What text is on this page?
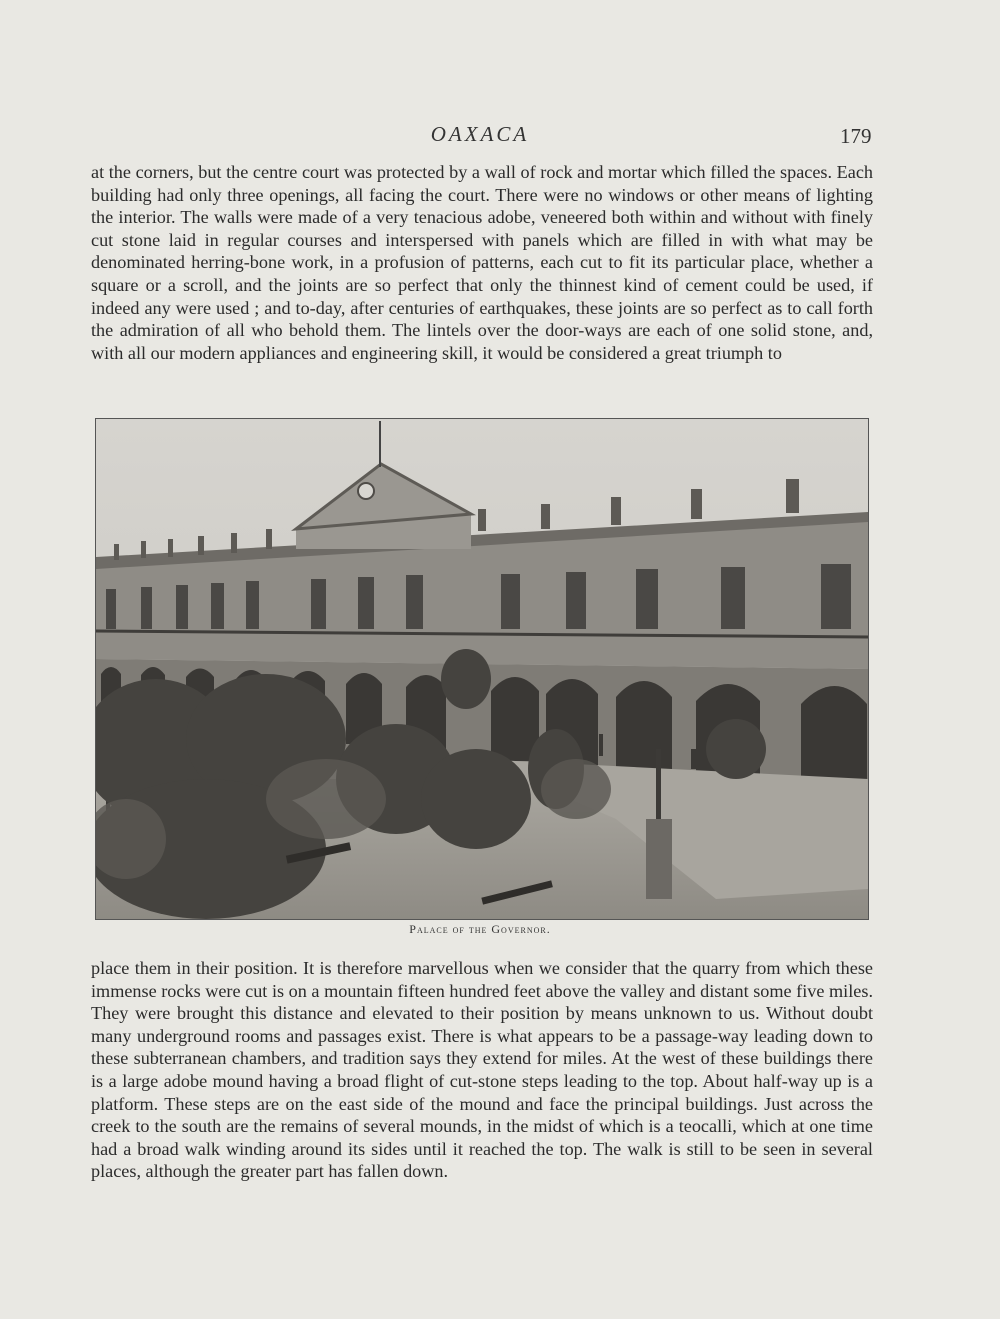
OAXACA	179

at the corners, but the centre court was protected by a wall of rock and mortar which filled the spaces. Each building had only three openings, all facing the court. There were no windows or other means of lighting the interior. The walls were made of a very tenacious adobe, veneered both within and without with finely cut stone laid in regular courses and interspersed with panels which are filled in with what may be denominated herring-bone work, in a profusion of patterns, each cut to fit its particular place, whether a square or a scroll, and the joints are so perfect that only the thinnest kind of cement could be used, if indeed any were used ; and to-day, after centuries of earthquakes, these joints are so perfect as to call forth the admiration of all who behold them. The lintels over the door-ways are each of one solid stone, and, with all our modern appliances and engineering skill, it would be considered a great triumph to

Palace of the Governor.

place them in their position. It is therefore marvellous when we consider that the quarry from which these immense rocks were cut is on a mountain fifteen hundred feet above the valley and distant some five miles. They were brought this distance and elevated to their position by means unknown to us. Without doubt many underground rooms and passages exist. There is what appears to be a passage-way leading down to these subterranean chambers, and tradition says they extend for miles. At the west of these buildings there is a large adobe mound having a broad flight of cut-stone steps leading to the top. About half-way up is a platform. These steps are on the east side of the mound and face the principal buildings. Just across the creek to the south are the remains of several mounds, in the midst of which is a teocalli, which at one time had a broad walk winding around its sides until it reached the top. The walk is still to be seen in several places, although the greater part has fallen down.
